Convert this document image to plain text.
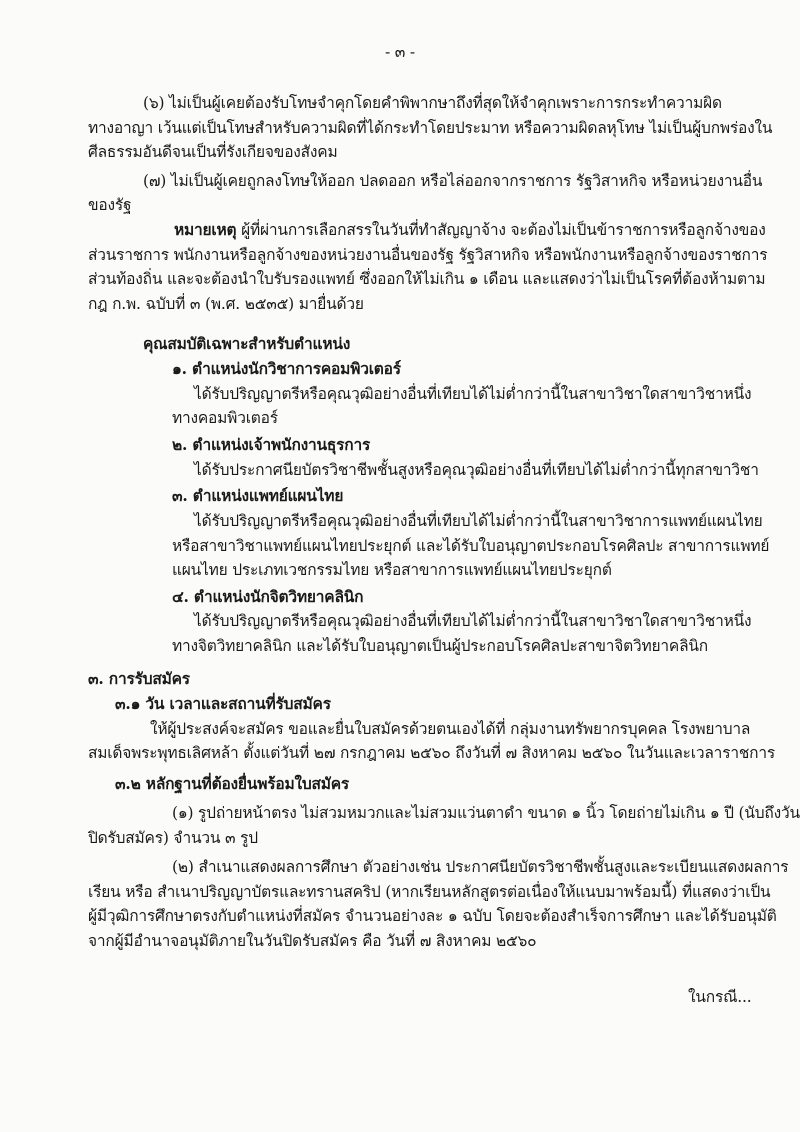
- ๓ -
(๖) ไม่เป็นผู้เคยต้องรับโทษจำคุกโดยคำพิพากษาถึงที่สุดให้จำคุกเพราะการกระทำความผิด
ทางอาญา เว้นแต่เป็นโทษสำหรับความผิดที่ได้กระทำโดยประมาท หรือความผิดลหุโทษ ไม่เป็นผู้บกพร่องใน
ศีลธรรมอันดีจนเป็นที่รังเกียจของสังคม
(๗) ไม่เป็นผู้เคยถูกลงโทษให้ออก ปลดออก หรือไล่ออกจากราชการ รัฐวิสาหกิจ หรือหน่วยงานอื่น
ของรัฐ
หมายเหตุ ผู้ที่ผ่านการเลือกสรรในวันที่ทำสัญญาจ้าง จะต้องไม่เป็นข้าราชการหรือลูกจ้างของ
ส่วนราชการ พนักงานหรือลูกจ้างของหน่วยงานอื่นของรัฐ รัฐวิสาหกิจ หรือพนักงานหรือลูกจ้างของราชการ
ส่วนท้องถิ่น และจะต้องนำใบรับรองแพทย์ ซึ่งออกให้ไม่เกิน ๑ เดือน และแสดงว่าไม่เป็นโรคที่ต้องห้ามตาม
กฎ ก.พ. ฉบับที่ ๓ (พ.ศ. ๒๕๓๕) มายื่นด้วย
คุณสมบัติเฉพาะสำหรับตำแหน่ง
๑. ตำแหน่งนักวิชาการคอมพิวเตอร์
ได้รับปริญญาตรีหรือคุณวุฒิอย่างอื่นที่เทียบได้ไม่ต่ำกว่านี้ในสาขาวิชาใดสาขาวิชาหนึ่ง
ทางคอมพิวเตอร์
๒. ตำแหน่งเจ้าพนักงานธุรการ
ได้รับประกาศนียบัตรวิชาชีพชั้นสูงหรือคุณวุฒิอย่างอื่นที่เทียบได้ไม่ต่ำกว่านี้ทุกสาขาวิชา
๓. ตำแหน่งแพทย์แผนไทย
ได้รับปริญญาตรีหรือคุณวุฒิอย่างอื่นที่เทียบได้ไม่ต่ำกว่านี้ในสาขาวิชาการแพทย์แผนไทย
หรือสาขาวิชาแพทย์แผนไทยประยุกต์ และได้รับใบอนุญาตประกอบโรคศิลปะ สาขาการแพทย์
แผนไทย ประเภทเวชกรรมไทย หรือสาขาการแพทย์แผนไทยประยุกต์
๔. ตำแหน่งนักจิตวิทยาคลินิก
ได้รับปริญญาตรีหรือคุณวุฒิอย่างอื่นที่เทียบได้ไม่ต่ำกว่านี้ในสาขาวิชาใดสาขาวิชาหนึ่ง
ทางจิตวิทยาคลินิก และได้รับใบอนุญาตเป็นผู้ประกอบโรคศิลปะสาขาจิตวิทยาคลินิก
๓. การรับสมัคร
๓.๑ วัน เวลาและสถานที่รับสมัคร
ให้ผู้ประสงค์จะสมัคร ขอและยื่นใบสมัครด้วยตนเองได้ที่ กลุ่มงานทรัพยากรบุคคล โรงพยาบาล
สมเด็จพระพุทธเลิศหล้า ตั้งแต่วันที่ ๒๗ กรกฎาคม ๒๕๖๐ ถึงวันที่ ๗ สิงหาคม ๒๕๖๐ ในวันและเวลาราชการ
๓.๒ หลักฐานที่ต้องยื่นพร้อมใบสมัคร
(๑) รูปถ่ายหน้าตรง ไม่สวมหมวกและไม่สวมแว่นตาดำ ขนาด ๑ นิ้ว โดยถ่ายไม่เกิน ๑ ปี (นับถึงวัน
ปิดรับสมัคร) จำนวน ๓ รูป
(๒) สำเนาแสดงผลการศึกษา ตัวอย่างเช่น ประกาศนียบัตรวิชาชีพชั้นสูงและระเบียนแสดงผลการ
เรียน หรือ สำเนาปริญญาบัตรและทรานสคริป (หากเรียนหลักสูตรต่อเนื่องให้แนบมาพร้อมนี้) ที่แสดงว่าเป็น
ผู้มีวุฒิการศึกษาตรงกับตำแหน่งที่สมัคร จำนวนอย่างละ ๑ ฉบับ โดยจะต้องสำเร็จการศึกษา และได้รับอนุมัติ
จากผู้มีอำนาจอนุมัติภายในวันปิดรับสมัคร คือ วันที่ ๗ สิงหาคม ๒๕๖๐
ในกรณี...
